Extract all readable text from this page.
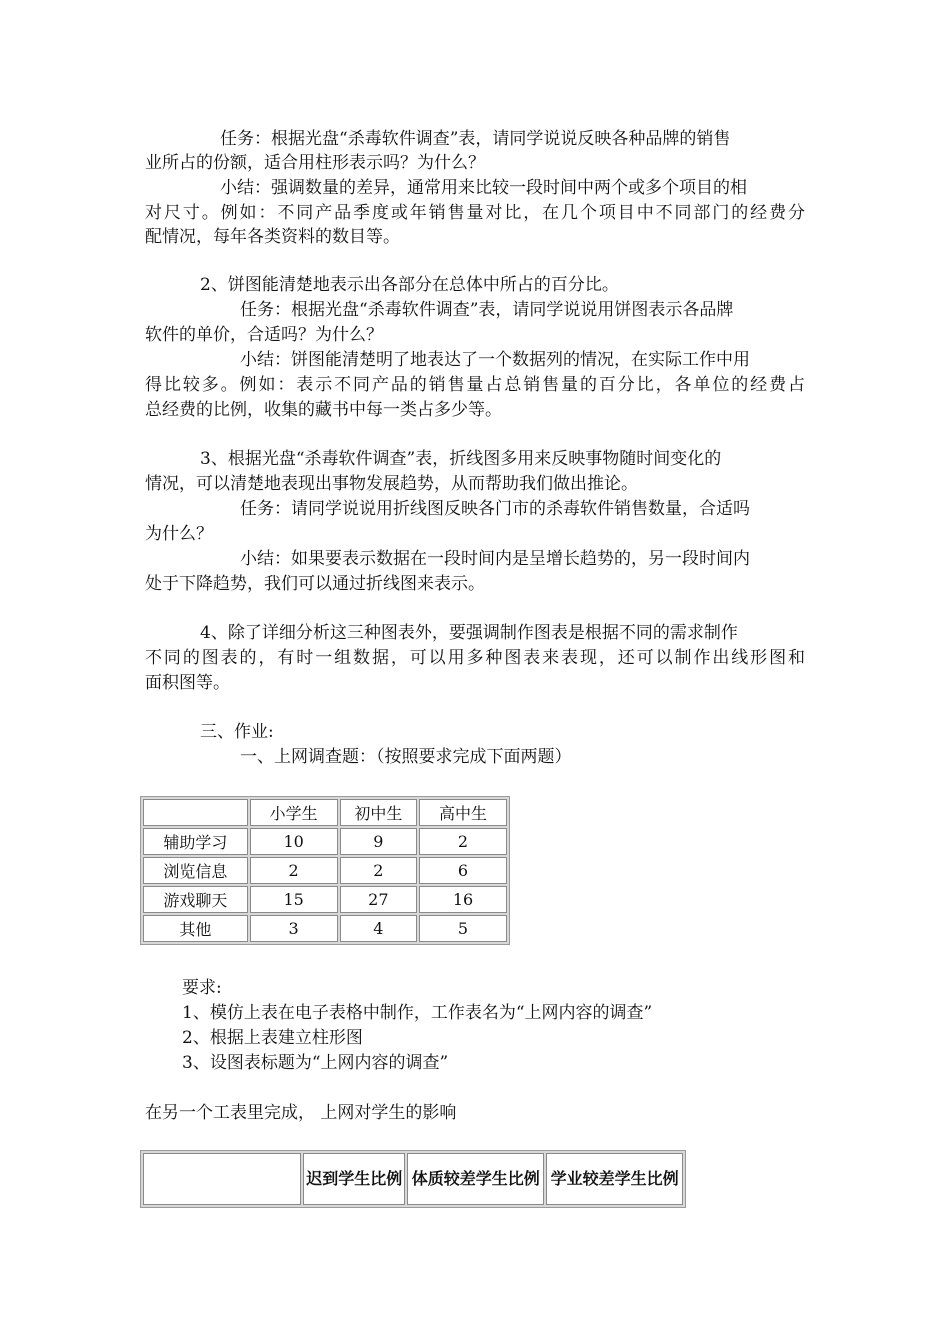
任务：根据光盘“杀毒软件调查”表，请同学说说反映各种品牌的销售
业所占的份额，适合用柱形表示吗？为什么？
小结：强调数量的差异，通常用来比较一段时间中两个或多个项目的相
对尺寸。例如：不同产品季度或年销售量对比，在几个项目中不同部门的经费分
配情况，每年各类资料的数目等。
2、饼图能清楚地表示出各部分在总体中所占的百分比。
任务：根据光盘“杀毒软件调查”表，请同学说说用饼图表示各品牌
软件的单价，合适吗？为什么？
小结：饼图能清楚明了地表达了一个数据列的情况，在实际工作中用
得比较多。例如：表示不同产品的销售量占总销售量的百分比，各单位的经费占
总经费的比例，收集的藏书中每一类占多少等。
3、根据光盘“杀毒软件调查”表，折线图多用来反映事物随时间变化的
情况，可以清楚地表现出事物发展趋势，从而帮助我们做出推论。
任务：请同学说说用折线图反映各门市的杀毒软件销售数量，合适吗
为什么？
小结：如果要表示数据在一段时间内是呈增长趋势的，另一段时间内
处于下降趋势，我们可以通过折线图来表示。
4、除了详细分析这三种图表外，要强调制作图表是根据不同的需求制作
不同的图表的，有时一组数据，可以用多种图表来表现，还可以制作出线形图和
面积图等。
三、作业:
一、上网调查题：（按照要求完成下面两题）
	小学生	初中生	高中生
辅助学习	10	9	2
浏览信息	2	2	6
游戏聊天	15	27	16
其他	3	4	5
要求:
1、模仿上表在电子表格中制作，工作表名为“上网内容的调查”
2、根据上表建立柱形图
3、设图表标题为“上网内容的调查”
在另一个工表里完成， 上网对学生的影响
	迟到学生比例	体质较差学生比例	学业较差学生比例
